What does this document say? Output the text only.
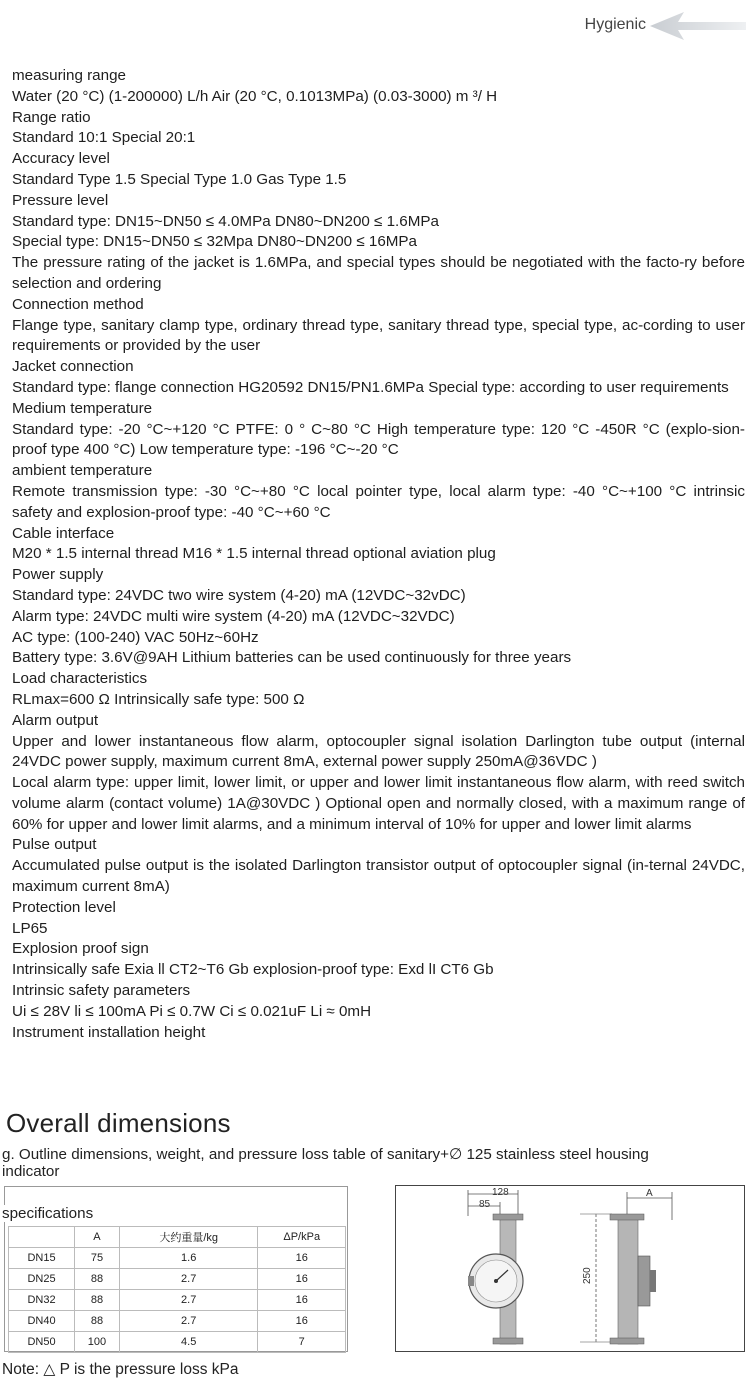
Hygienic
measuring range
Water (20 °C) (1-200000) L/h Air (20 °C, 0.1013MPa) (0.03-3000) m ³/ H
Range ratio
Standard 10:1 Special 20:1
Accuracy level
Standard Type 1.5 Special Type 1.0 Gas Type 1.5
Pressure level
Standard type: DN15~DN50 ≤ 4.0MPa DN80~DN200 ≤ 1.6MPa
Special type: DN15~DN50 ≤ 32Mpa DN80~DN200 ≤ 16MPa
The pressure rating of the jacket is 1.6MPa, and special types should be negotiated with the facto-ry before selection and ordering
Connection method
Flange type, sanitary clamp type, ordinary thread type, sanitary thread type, special type, ac-cording to user requirements or provided by the user
Jacket connection
Standard type: flange connection HG20592 DN15/PN1.6MPa Special type: according to user requirements
Medium temperature
Standard type: -20 °C~+120 °C PTFE: 0 ° C~80 °C High temperature type: 120 °C -450R °C (explo-sion-proof type 400 °C) Low temperature type: -196 °C~-20 °C
ambient temperature
Remote transmission type: -30 °C~+80 °C local pointer type, local alarm type: -40 °C~+100 °C intrinsic safety and explosion-proof type: -40 °C~+60 °C
Cable interface
M20 * 1.5 internal thread M16 * 1.5 internal thread optional aviation plug
Power supply
Standard type: 24VDC two wire system (4-20) mA (12VDC~32vDC)
Alarm type: 24VDC multi wire system (4-20) mA (12VDC~32VDC)
AC type: (100-240) VAC 50Hz~60Hz
Battery type: 3.6V@9AH Lithium batteries can be used continuously for three years
Load characteristics
RLmax=600 Ω Intrinsically safe type: 500 Ω
Alarm output
Upper and lower instantaneous flow alarm, optocoupler signal isolation Darlington tube output (internal 24VDC power supply, maximum current 8mA, external power supply 250mA@36VDC )
Local alarm type: upper limit, lower limit, or upper and lower limit instantaneous flow alarm, with reed switch volume alarm (contact volume) 1A@30VDC ) Optional open and normally closed, with a maximum range of 60% for upper and lower limit alarms, and a minimum interval of 10% for upper and lower limit alarms
Pulse output
Accumulated pulse output is the isolated Darlington transistor output of optocoupler signal (in-ternal 24VDC, maximum current 8mA)
Protection level
LP65
Explosion proof sign
Intrinsically safe Exia ll CT2~T6 Gb explosion-proof type: Exd lI CT6 Gb
Intrinsic safety parameters
Ui ≤ 28V li ≤ 100mA Pi ≤ 0.7W Ci ≤ 0.021uF Li ≈ 0mH
Instrument installation height
Overall dimensions
g. Outline dimensions, weight, and pressure loss table of sanitary+∅ 125 stainless steel housing indicator
specifications
	A	大约重量/kg	ΔP/kPa
DN15	75	1.6	16
DN25	88	2.7	16
DN32	88	2.7	16
DN40	88	2.7	16
DN50	100	4.5	7
128
85
A
250
Note: △ P is the pressure loss kPa
